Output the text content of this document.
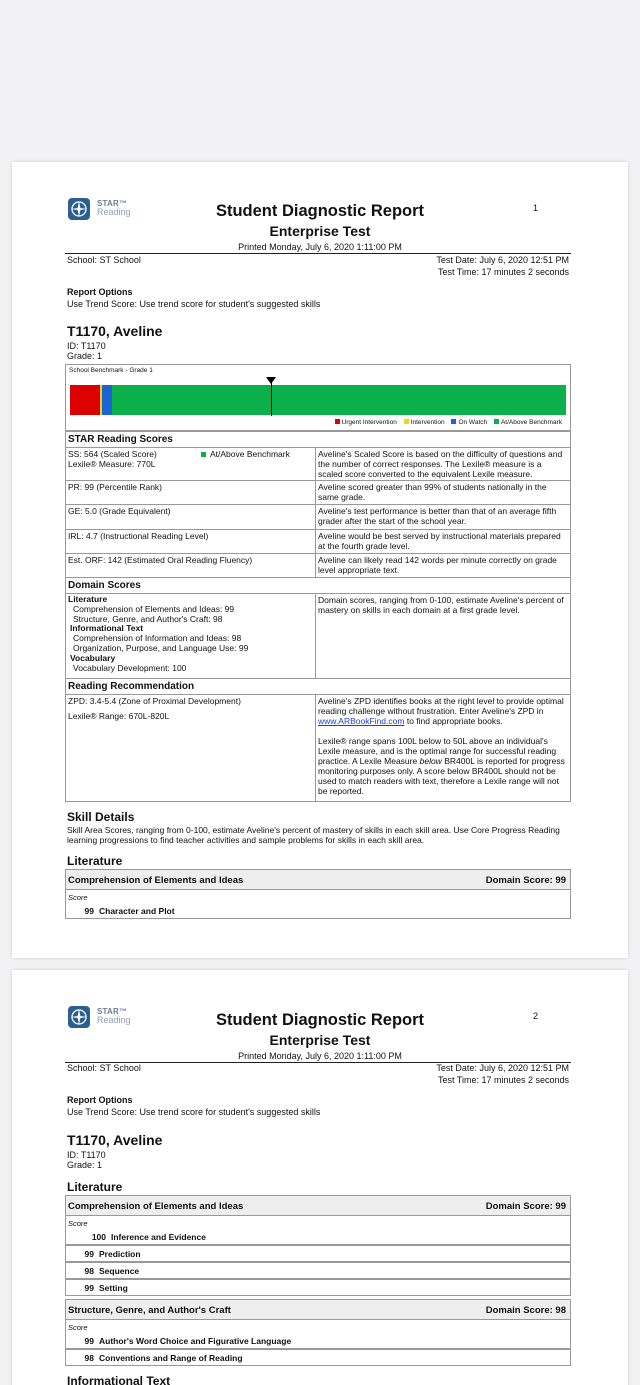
STAR™
Reading	1
Student Diagnostic Report
Enterprise Test
Printed Monday, July 6, 2020 1:11:00 PM
School: ST School	Test Date: July 6, 2020 12:51 PM
Test Time: 17 minutes 2 seconds
Report Options
Use Trend Score: Use trend score for student's suggested skills
T1170, Aveline
ID: T1170
Grade: 1
School Benchmark - Grade 1
Urgent Intervention Intervention On Watch At/Above Benchmark
STAR Reading Scores
SS: 564 (Scaled Score)
Lexile® Measure: 770L
At/Above Benchmark	Aveline's Scaled Score is based on the difficulty of questions and the number of correct responses. The Lexile® measure is a scaled score converted to the equivalent Lexile measure.
PR: 99 (Percentile Rank)	Aveline scored greater than 99% of students nationally in the same grade.
GE: 5.0 (Grade Equivalent)	Aveline's test performance is better than that of an average fifth grader after the start of the school year.
IRL: 4.7 (Instructional Reading Level)	Aveline would be best served by instructional materials prepared at the fourth grade level.
Est. ORF: 142 (Estimated Oral Reading Fluency)	Aveline can likely read 142 words per minute correctly on grade level appropriate text.
Domain Scores
Literature
Comprehension of Elements and Ideas: 99
Structure, Genre, and Author's Craft: 98
Informational Text
Comprehension of Information and Ideas: 98
Organization, Purpose, and Language Use: 99
Vocabulary
Vocabulary Development: 100
Domain scores, ranging from 0-100, estimate Aveline's percent of mastery on skills in each domain at a first grade level.
Reading Recommendation
ZPD: 3.4-5.4 (Zone of Proximal Development)
Lexile® Range: 670L-820L
Aveline's ZPD identifies books at the right level to provide optimal reading challenge without frustration. Enter Aveline's ZPD in www.ARBookFind.com to find appropriate books.
Lexile® range spans 100L below to 50L above an individual's Lexile measure, and is the optimal range for successful reading practice. A Lexile Measure below BR400L is reported for progress monitoring purposes only. A score below BR400L should not be used to match readers with text, therefore a Lexile range will not be reported.
Skill Details
Skill Area Scores, ranging from 0-100, estimate Aveline's percent of mastery of skills in each skill area. Use Core Progress Reading learning progressions to find teacher activities and sample problems for skills in each skill area.
Literature
Comprehension of Elements and Ideas	Domain Score: 99
Score
99 Character and Plot
STAR™
Reading	2
Student Diagnostic Report
Enterprise Test
Printed Monday, July 6, 2020 1:11:00 PM
School: ST School	Test Date: July 6, 2020 12:51 PM
Test Time: 17 minutes 2 seconds
Report Options
Use Trend Score: Use trend score for student's suggested skills
T1170, Aveline
ID: T1170
Grade: 1
Literature
Comprehension of Elements and Ideas	Domain Score: 99
Score
100 Inference and Evidence
99 Prediction
98 Sequence
99 Setting
Structure, Genre, and Author's Craft	Domain Score: 98
Score
99 Author's Word Choice and Figurative Language
98 Conventions and Range of Reading
Informational Text
